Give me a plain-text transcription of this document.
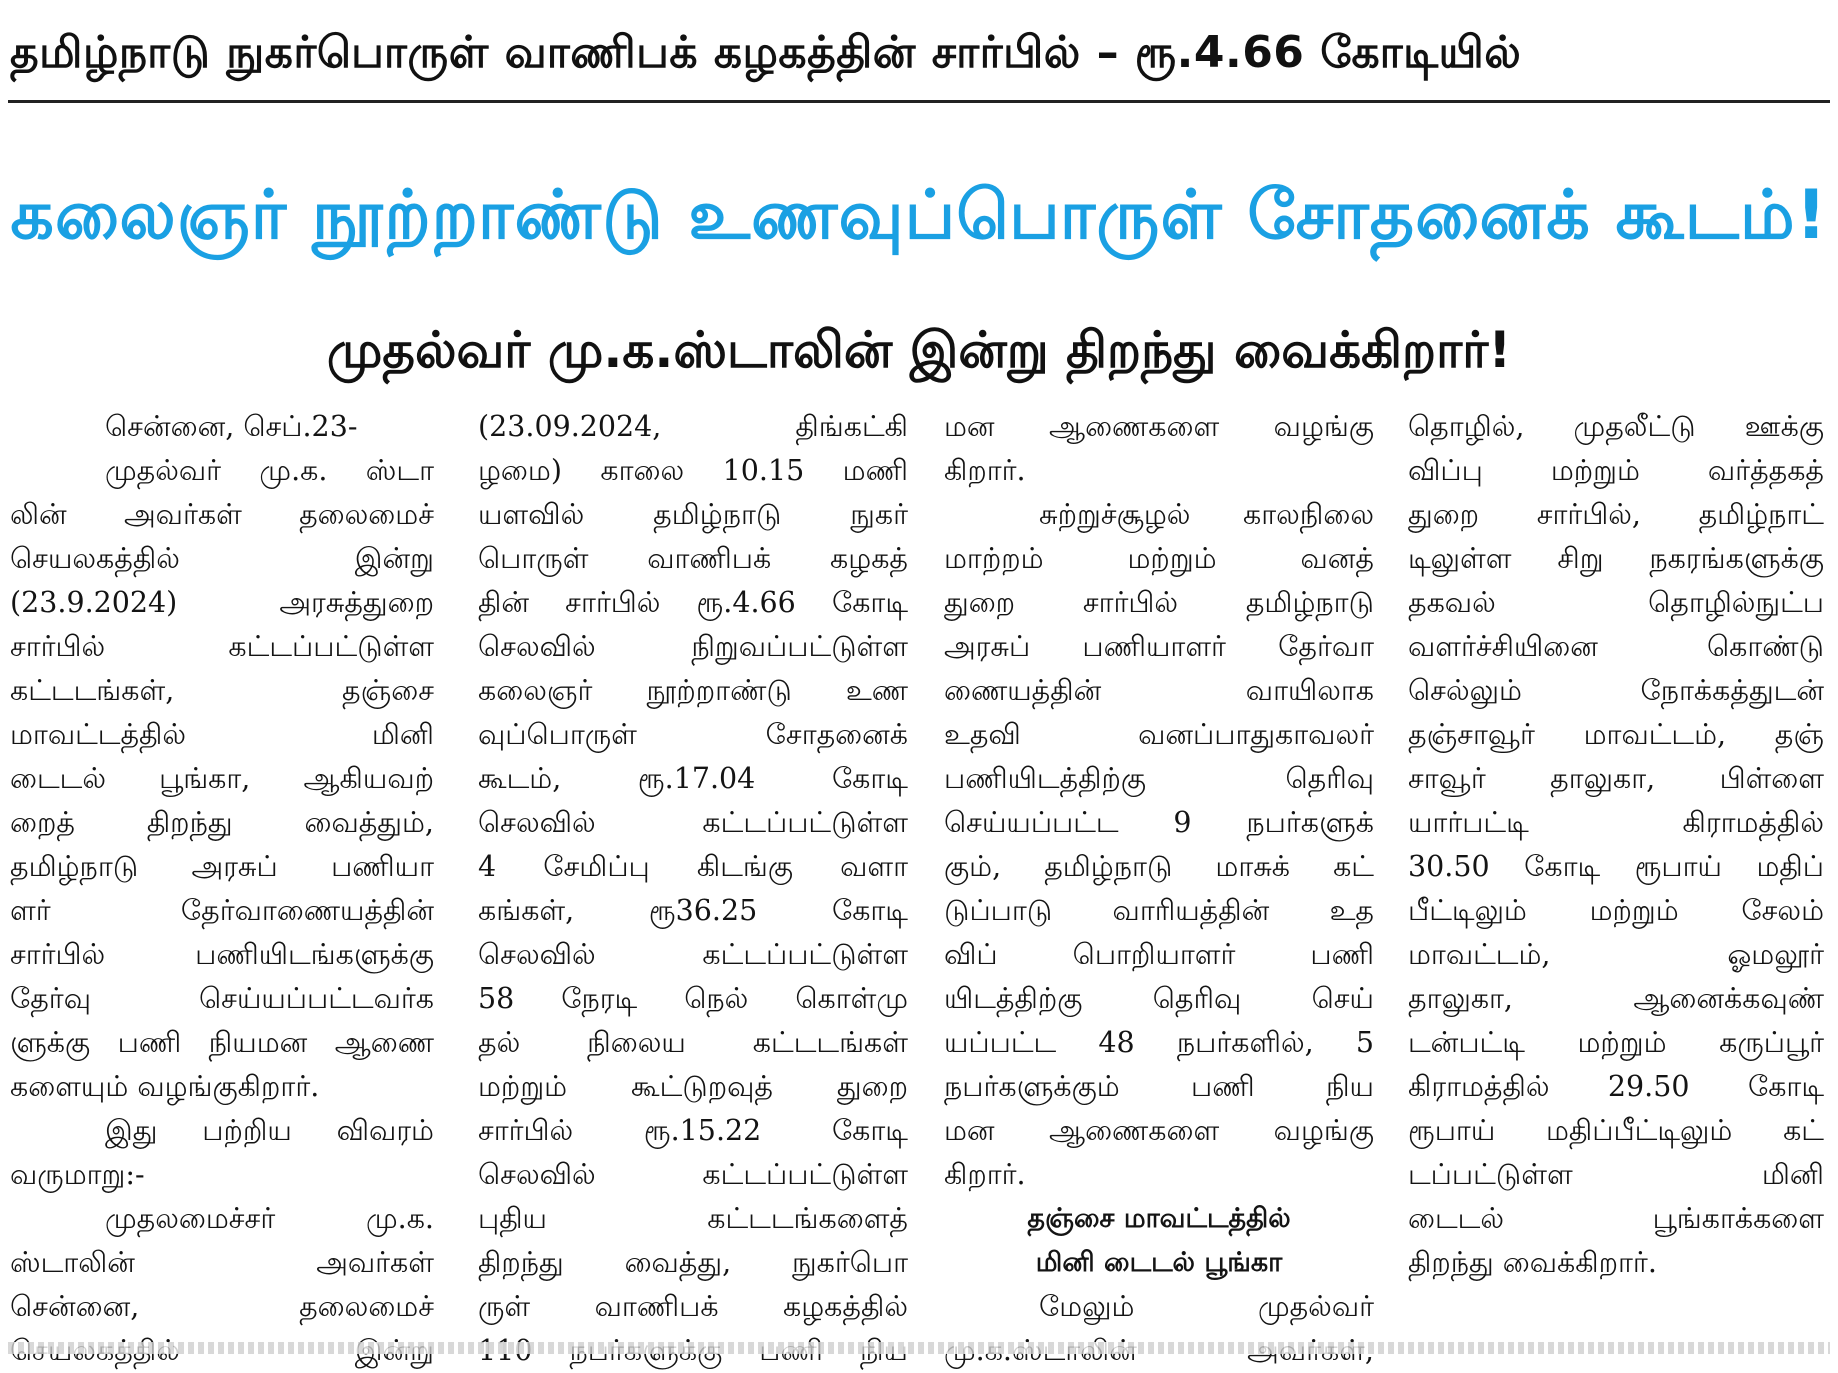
தமிழ்நாடு நுகர்பொருள் வாணிபக் கழகத்தின் சார்பில் – ரூ.4.66 கோடியில்
கலைஞர் நூற்றாண்டு உணவுப்பொருள் சோதனைக் கூடம்!
முதல்வர் மு.க.ஸ்டாலின் இன்று திறந்து வைக்கிறார்!
சென்னை, செப்.23-
முதல்வர் மு.க. ஸ்டா
லின் அவர்கள் தலைமைச்
செயலகத்தில் இன்று
(23.9.2024) அரசுத்துறை
சார்பில் கட்டப்பட்டுள்ள
கட்டடங்கள், தஞ்சை
மாவட்டத்தில் மினி
டைடல் பூங்கா, ஆகியவற்
றைத் திறந்து வைத்தும்,
தமிழ்நாடு அரசுப் பணியா
ளர் தேர்வாணையத்தின்
சார்பில் பணியிடங்களுக்கு
தேர்வு செய்யப்பட்டவர்க
ளுக்கு பணி நியமன ஆணை
களையும் வழங்குகிறார்.
இது பற்றிய விவரம்
வருமாறு:-
முதலமைச்சர் மு.க.
ஸ்டாலின் அவர்கள்
சென்னை, தலைமைச்
(23.09.2024, திங்கட்கி
ழமை) காலை 10.15 மணி
யளவில் தமிழ்நாடு நுகர்
பொருள் வாணிபக் கழகத்
தின் சார்பில் ரூ.4.66 கோடி
செலவில் நிறுவப்பட்டுள்ள
கலைஞர் நூற்றாண்டு உண
வுப்பொருள் சோதனைக்
கூடம், ரூ.17.04 கோடி
செலவில் கட்டப்பட்டுள்ள
4 சேமிப்பு கிடங்கு வளா
கங்கள், ரூ36.25 கோடி
செலவில் கட்டப்பட்டுள்ள
58 நேரடி நெல் கொள்மு
தல் நிலைய கட்டடங்கள்
மற்றும் கூட்டுறவுத் துறை
சார்பில் ரூ.15.22 கோடி
செலவில் கட்டப்பட்டுள்ள
புதிய கட்டடங்களைத்
திறந்து வைத்து, நுகர்பொ
ருள் வாணிபக் கழகத்தில்
மன ஆணைகளை வழங்கு
கிறார்.
சுற்றுச்சூழல் காலநிலை
மாற்றம் மற்றும் வனத்
துறை சார்பில் தமிழ்நாடு
அரசுப் பணியாளர் தேர்வா
ணையத்தின் வாயிலாக
உதவி வனப்பாதுகாவலர்
பணியிடத்திற்கு தெரிவு
செய்யப்பட்ட 9 நபர்களுக்
கும், தமிழ்நாடு மாசுக் கட்
டுப்பாடு வாரியத்தின் உத
விப் பொறியாளர் பணி
யிடத்திற்கு தெரிவு செய்
யப்பட்ட 48 நபர்களில், 5
நபர்களுக்கும் பணி நிய
மன ஆணைகளை வழங்கு
கிறார்.
தஞ்சை மாவட்டத்தில்
மினி டைடல் பூங்கா
மேலும் முதல்வர்
தொழில், முதலீட்டு ஊக்கு
விப்பு மற்றும் வர்த்தகத்
துறை சார்பில், தமிழ்நாட்
டிலுள்ள சிறு நகரங்களுக்கு
தகவல் தொழில்நுட்ப
வளர்ச்சியினை கொண்டு
செல்லும் நோக்கத்துடன்
தஞ்சாவூர் மாவட்டம், தஞ்
சாவூர் தாலுகா, பிள்ளை
யார்பட்டி கிராமத்தில்
30.50 கோடி ரூபாய் மதிப்
பீட்டிலும் மற்றும் சேலம்
மாவட்டம், ஓமலூர்
தாலுகா, ஆனைக்கவுண்
டன்பட்டி மற்றும் கருப்பூர்
கிராமத்தில் 29.50 கோடி
ரூபாய் மதிப்பீட்டிலும் கட்
டப்பட்டுள்ள மினி
டைடல் பூங்காக்களை
திறந்து வைக்கிறார்.
